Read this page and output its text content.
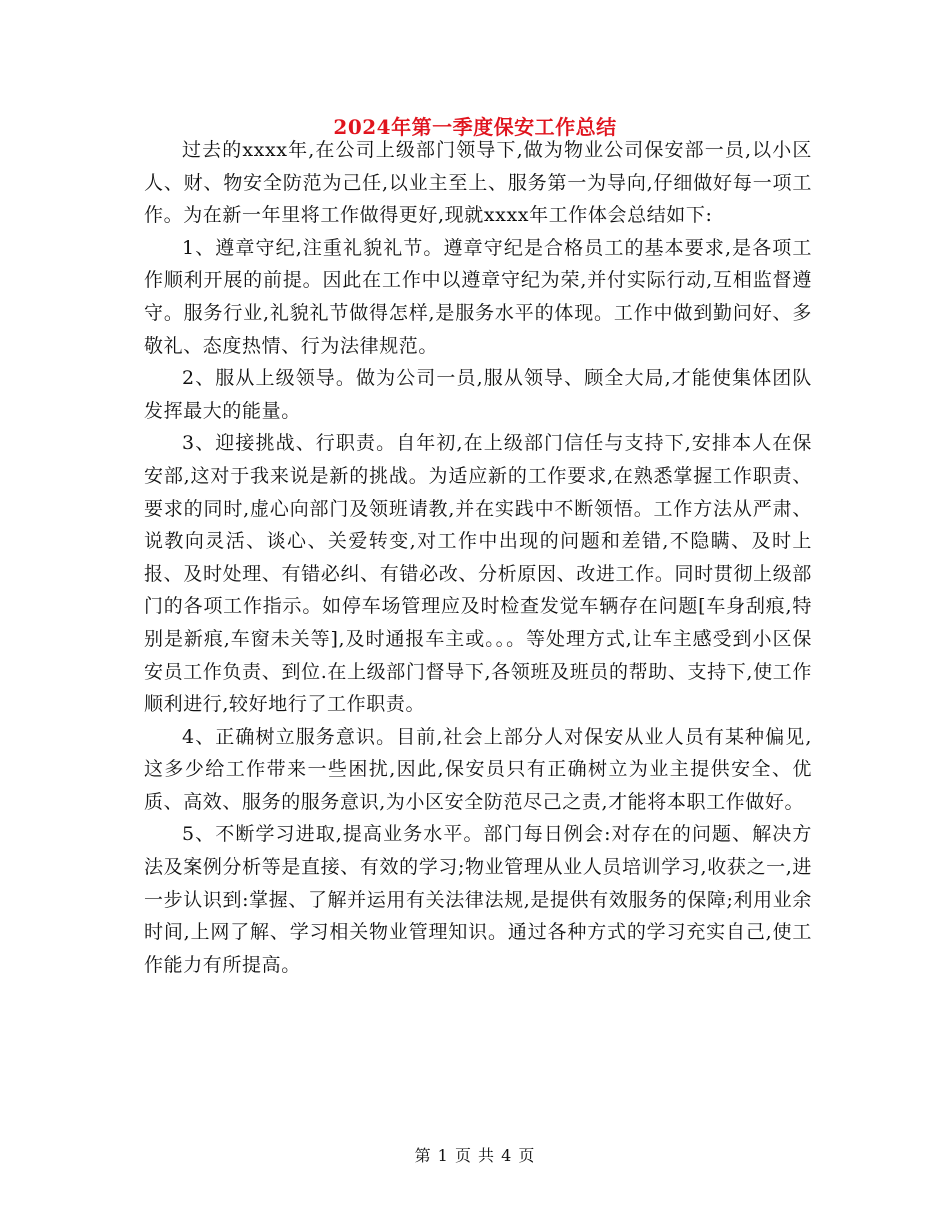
2024年第一季度保安工作总结

过去的xxxx年,在公司上级部门领导下,做为物业公司保安部一员,以小区人、财、物安全防范为己任,以业主至上、服务第一为导向,仔细做好每一项工作。为在新一年里将工作做得更好,现就xxxx年工作体会总结如下:

1、遵章守纪,注重礼貌礼节。遵章守纪是合格员工的基本要求,是各项工作顺利开展的前提。因此在工作中以遵章守纪为荣,并付实际行动,互相监督遵守。服务行业,礼貌礼节做得怎样,是服务水平的体现。工作中做到勤问好、多敬礼、态度热情、行为法律规范。

2、服从上级领导。做为公司一员,服从领导、顾全大局,才能使集体团队发挥最大的能量。

3、迎接挑战、行职责。自年初,在上级部门信任与支持下,安排本人在保安部,这对于我来说是新的挑战。为适应新的工作要求,在熟悉掌握工作职责、要求的同时,虚心向部门及领班请教,并在实践中不断领悟。工作方法从严肃、说教向灵活、谈心、关爱转变,对工作中出现的问题和差错,不隐瞒、及时上报、及时处理、有错必纠、有错必改、分析原因、改进工作。同时贯彻上级部门的各项工作指示。如停车场管理应及时检查发觉车辆存在问题[车身刮痕,特别是新痕,车窗未关等],及时通报车主或。。。等处理方式,让车主感受到小区保安员工作负责、到位.在上级部门督导下,各领班及班员的帮助、支持下,使工作顺利进行,较好地行了工作职责。

4、正确树立服务意识。目前,社会上部分人对保安从业人员有某种偏见,这多少给工作带来一些困扰,因此,保安员只有正确树立为业主提供安全、优质、高效、服务的服务意识,为小区安全防范尽己之责,才能将本职工作做好。

5、不断学习进取,提高业务水平。部门每日例会:对存在的问题、解决方法及案例分析等是直接、有效的学习;物业管理从业人员培训学习,收获之一,进一步认识到:掌握、了解并运用有关法律法规,是提供有效服务的保障;利用业余时间,上网了解、学习相关物业管理知识。通过各种方式的学习充实自己,使工作能力有所提高。

第 1 页 共 4 页
